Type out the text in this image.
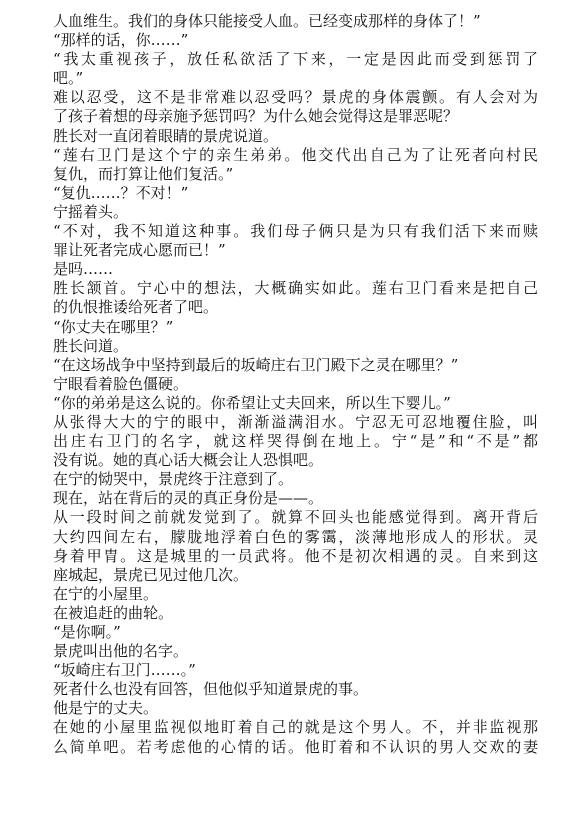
人血维生。我们的身体只能接受人血。已经变成那样的身体了！”
“那样的话，你……”
“我太重视孩子，放任私欲活了下来，一定是因此而受到惩罚了
吧。”
难以忍受，这不是非常难以忍受吗？景虎的身体震颤。有人会对为
了孩子着想的母亲施予惩罚吗？为什么她会觉得这是罪恶呢？
胜长对一直闭着眼睛的景虎说道。
“莲右卫门是这个宁的亲生弟弟。他交代出自己为了让死者向村民
复仇，而打算让他们复活。”
“复仇……？不对！”
宁摇着头。
“不对，我不知道这种事。我们母子俩只是为只有我们活下来而赎
罪让死者完成心愿而已！”
是吗……
胜长颔首。宁心中的想法，大概确实如此。莲右卫门看来是把自己
的仇恨推诿给死者了吧。
“你丈夫在哪里？”
胜长问道。
“在这场战争中坚持到最后的坂崎庄右卫门殿下之灵在哪里？”
宁眼看着脸色僵硬。
“你的弟弟是这么说的。你希望让丈夫回来，所以生下婴儿。”
从张得大大的宁的眼中，渐渐溢满泪水。宁忍无可忍地覆住脸，叫
出庄右卫门的名字，就这样哭得倒在地上。宁“是”和“不是”都
没有说。她的真心话大概会让人恐惧吧。
在宁的恸哭中，景虎终于注意到了。
现在，站在背后的灵的真正身份是——。
从一段时间之前就发觉到了。就算不回头也能感觉得到。离开背后
大约四间左右，朦胧地浮着白色的雾霭，淡薄地形成人的形状。灵
身着甲胄。这是城里的一员武将。他不是初次相遇的灵。自来到这
座城起，景虎已见过他几次。
在宁的小屋里。
在被追赶的曲轮。
“是你啊。”
景虎叫出他的名字。
“坂崎庄右卫门……。”
死者什么也没有回答，但他似乎知道景虎的事。
他是宁的丈夫。
在她的小屋里监视似地盯着自己的就是这个男人。不，并非监视那
么简单吧。若考虑他的心情的话。他盯着和不认识的男人交欢的妻
